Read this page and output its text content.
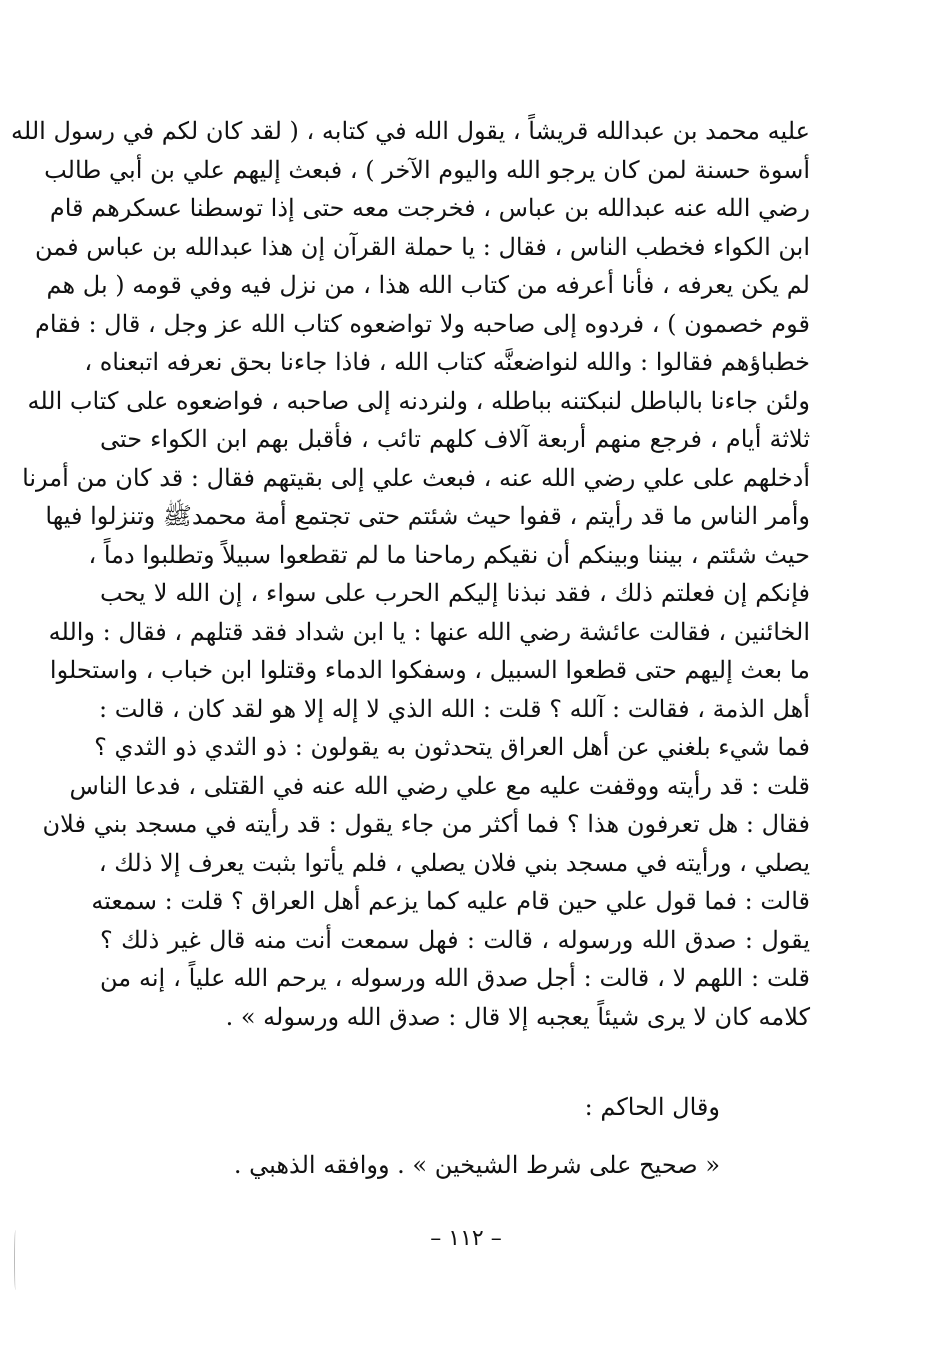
عليه محمد بن عبدالله قريشاً ، يقول الله في كتابه ، ( لقد كان لكم في رسول الله
أسوة حسنة لمن كان يرجو الله واليوم الآخر ) ، فبعث إليهم علي بن أبي طالب
رضي الله عنه عبدالله بن عباس ، فخرجت معه حتى إذا توسطنا عسكرهم قام
ابن الكواء فخطب الناس ، فقال : يا حملة القرآن إن هذا عبدالله بن عباس فمن
لم يكن يعرفه ، فأنا أعرفه من كتاب الله هذا ، من نزل فيه وفي قومه ( بل هم
قوم خصمون ) ، فردوه إلى صاحبه ولا تواضعوه كتاب الله عز وجل ، قال : فقام
خطباؤهم فقالوا : والله لنواضعنَّه كتاب الله ، فاذا جاءنا بحق نعرفه اتبعناه ،
ولئن جاءنا بالباطل لنبكتنه بباطله ، ولنردنه إلى صاحبه ، فواضعوه على كتاب الله
ثلاثة أيام ، فرجع منهم أربعة آلاف كلهم تائب ، فأقبل بهم ابن الكواء حتى
أدخلهم على علي رضي الله عنه ، فبعث علي إلى بقيتهم فقال : قد كان من أمرنا
وأمر الناس ما قد رأيتم ، قفوا حيث شئتم حتى تجتمع أمة محمدﷺ وتنزلوا فيها
حيث شئتم ، بيننا وبينكم أن نقيكم رماحنا ما لم تقطعوا سبيلاً وتطلبوا دماً ،
فإنكم إن فعلتم ذلك ، فقد نبذنا إليكم الحرب على سواء ، إن الله لا يحب
الخائنين ، فقالت عائشة رضي الله عنها : يا ابن شداد فقد قتلهم ، فقال : والله
ما بعث إليهم حتى قطعوا السبيل ، وسفكوا الدماء وقتلوا ابن خباب ، واستحلوا
أهل الذمة ، فقالت : آلله ؟ قلت : الله الذي لا إله إلا هو لقد كان ، قالت :
فما شيء بلغني عن أهل العراق يتحدثون به يقولون : ذو الثدي ذو الثدي ؟
قلت : قد رأيته ووقفت عليه مع علي رضي الله عنه في القتلى ، فدعا الناس
فقال : هل تعرفون هذا ؟ فما أكثر من جاء يقول : قد رأيته في مسجد بني فلان
يصلي ، ورأيته في مسجد بني فلان يصلي ، فلم يأتوا بثبت يعرف إلا ذلك ،
قالت : فما قول علي حين قام عليه كما يزعم أهل العراق ؟ قلت : سمعته
يقول : صدق الله ورسوله ، قالت : فهل سمعت أنت منه قال غير ذلك ؟
قلت : اللهم لا ، قالت : أجل صدق الله ورسوله ، يرحم الله علياً ، إنه من
كلامه كان لا يرى شيئاً يعجبه إلا قال : صدق الله ورسوله » .
وقال الحاكم :
« صحيح على شرط الشيخين » . ووافقه الذهبي .
– ١١٢ –
